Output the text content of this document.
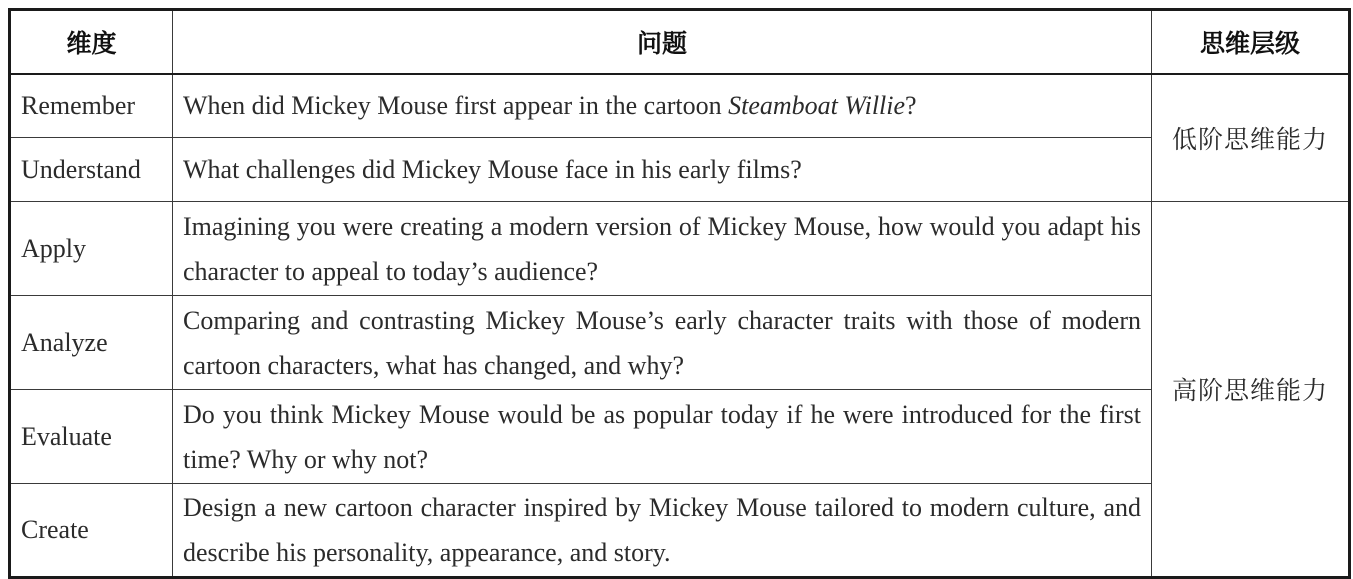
维度	问题	思维层级
Remember	When did Mickey Mouse first appear in the cartoon Steamboat Willie?	低阶思维能力
Understand	What challenges did Mickey Mouse face in his early films?	
Apply	Imagining you were creating a modern version of Mickey Mouse, how would you adapt his character to appeal to today’s audience?	高阶思维能力
Analyze	Comparing and contrasting Mickey Mouse’s early character traits with those of modern cartoon characters, what has changed, and why?	
Evaluate	Do you think Mickey Mouse would be as popular today if he were introduced for the first time? Why or why not?	
Create	Design a new cartoon character inspired by Mickey Mouse tailored to modern culture, and describe his personality, appearance, and story.	
